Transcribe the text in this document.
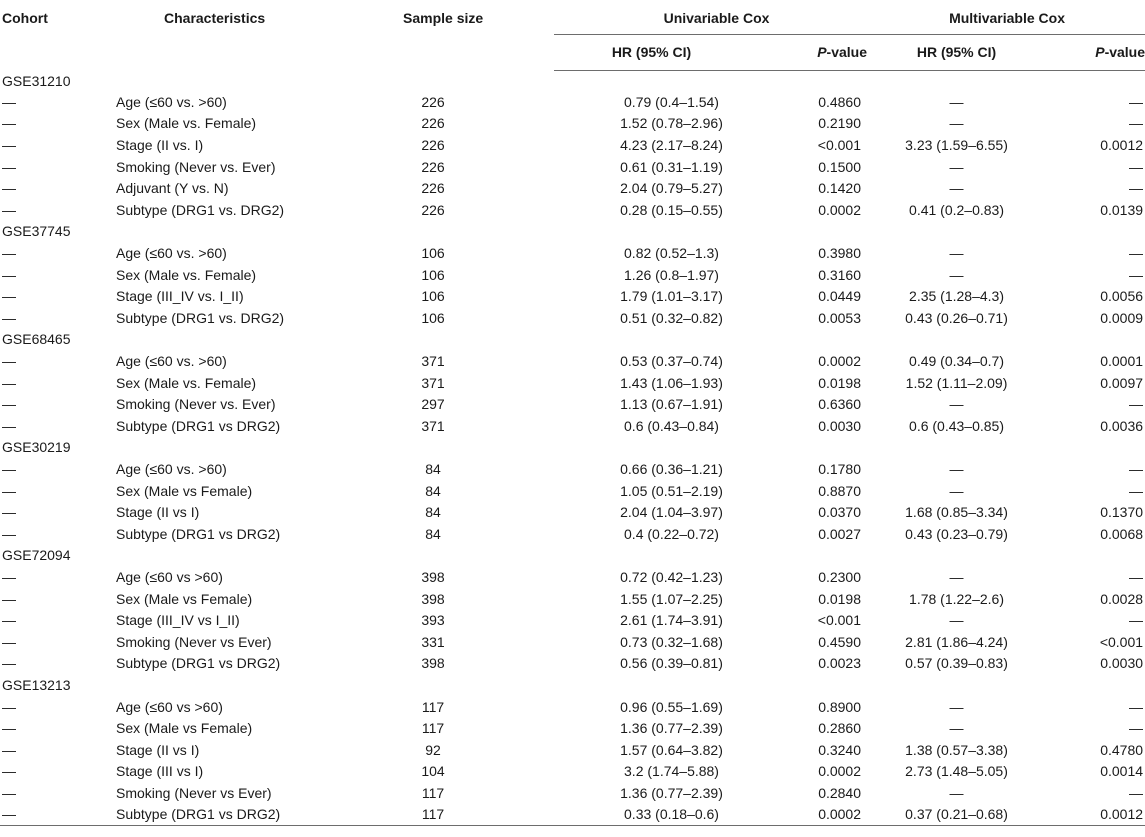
Cohort	Characteristics	Sample size	Univariable Cox		Multivariable Cox	
			HR (95% CI)	P-value	HR (95% CI)	P-value
GSE31210						
—	Age (≤60 vs. >60)	226	0.79 (0.4–1.54)	0.4860	—	—
—	Sex (Male vs. Female)	226	1.52 (0.78–2.96)	0.2190	—	—
—	Stage (II vs. I)	226	4.23 (2.17–8.24)	<0.001	3.23 (1.59–6.55)	0.0012
—	Smoking (Never vs. Ever)	226	0.61 (0.31–1.19)	0.1500	—	—
—	Adjuvant (Y vs. N)	226	2.04 (0.79–5.27)	0.1420	—	—
—	Subtype (DRG1 vs. DRG2)	226	0.28 (0.15–0.55)	0.0002	0.41 (0.2–0.83)	0.0139
GSE37745						
—	Age (≤60 vs. >60)	106	0.82 (0.52–1.3)	0.3980	—	—
—	Sex (Male vs. Female)	106	1.26 (0.8–1.97)	0.3160	—	—
—	Stage (III_IV vs. I_II)	106	1.79 (1.01–3.17)	0.0449	2.35 (1.28–4.3)	0.0056
—	Subtype (DRG1 vs. DRG2)	106	0.51 (0.32–0.82)	0.0053	0.43 (0.26–0.71)	0.0009
GSE68465						
—	Age (≤60 vs. >60)	371	0.53 (0.37–0.74)	0.0002	0.49 (0.34–0.7)	0.0001
—	Sex (Male vs. Female)	371	1.43 (1.06–1.93)	0.0198	1.52 (1.11–2.09)	0.0097
—	Smoking (Never vs. Ever)	297	1.13 (0.67–1.91)	0.6360	—	—
—	Subtype (DRG1 vs DRG2)	371	0.6 (0.43–0.84)	0.0030	0.6 (0.43–0.85)	0.0036
GSE30219						
—	Age (≤60 vs. >60)	84	0.66 (0.36–1.21)	0.1780	—	—
—	Sex (Male vs Female)	84	1.05 (0.51–2.19)	0.8870	—	—
—	Stage (II vs I)	84	2.04 (1.04–3.97)	0.0370	1.68 (0.85–3.34)	0.1370
—	Subtype (DRG1 vs DRG2)	84	0.4 (0.22–0.72)	0.0027	0.43 (0.23–0.79)	0.0068
GSE72094						
—	Age (≤60 vs >60)	398	0.72 (0.42–1.23)	0.2300	—	—
—	Sex (Male vs Female)	398	1.55 (1.07–2.25)	0.0198	1.78 (1.22–2.6)	0.0028
—	Stage (III_IV vs I_II)	393	2.61 (1.74–3.91)	<0.001	—	—
—	Smoking (Never vs Ever)	331	0.73 (0.32–1.68)	0.4590	2.81 (1.86–4.24)	<0.001
—	Subtype (DRG1 vs DRG2)	398	0.56 (0.39–0.81)	0.0023	0.57 (0.39–0.83)	0.0030
GSE13213						
—	Age (≤60 vs >60)	117	0.96 (0.55–1.69)	0.8900	—	—
—	Sex (Male vs Female)	117	1.36 (0.77–2.39)	0.2860	—	—
—	Stage (II vs I)	92	1.57 (0.64–3.82)	0.3240	1.38 (0.57–3.38)	0.4780
—	Stage (III vs I)	104	3.2 (1.74–5.88)	0.0002	2.73 (1.48–5.05)	0.0014
—	Smoking (Never vs Ever)	117	1.36 (0.77–2.39)	0.2840	—	—
—	Subtype (DRG1 vs DRG2)	117	0.33 (0.18–0.6)	0.0002	0.37 (0.21–0.68)	0.0012
